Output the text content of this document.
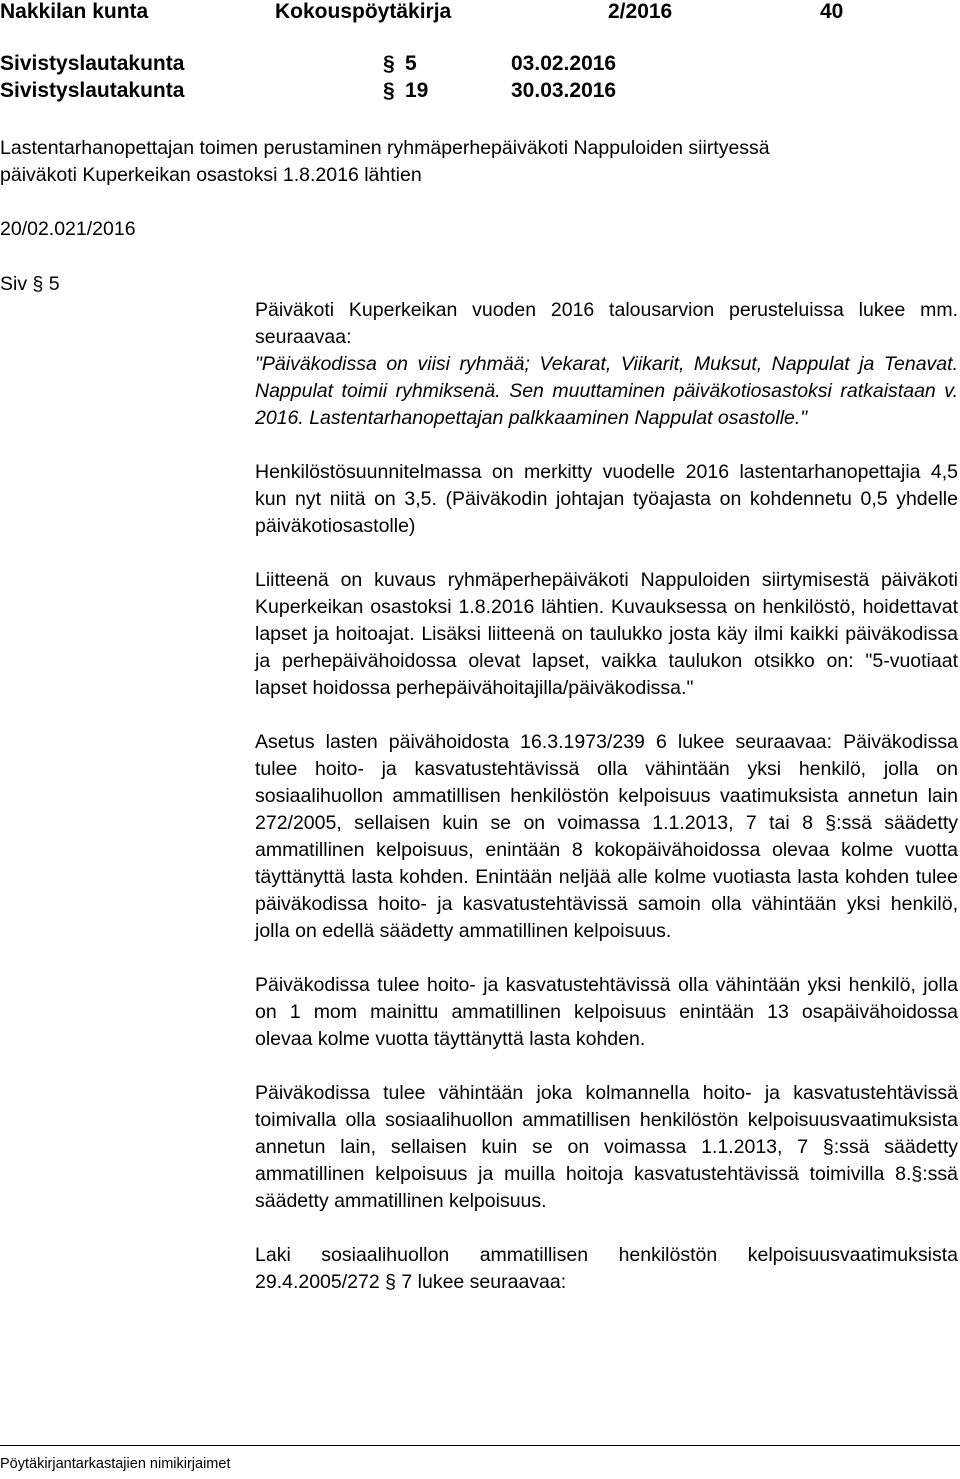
Nakkilan kunta	Kokouspöytäkirja	2/2016	40
Sivistyslautakunta	§ 5	03.02.2016
Sivistyslautakunta	§ 19	30.03.2016
Lastentarhanopettajan toimen perustaminen ryhmäperhepäiväkoti Nappuloiden siirtyessä
päiväkoti Kuperkeikan osastoksi 1.8.2016 lähtien
20/02.021/2016
Siv § 5

Päiväkoti Kuperkeikan vuoden 2016 talousarvion perusteluissa lukee mm. seuraavaa:

"Päiväkodissa on viisi ryhmää; Vekarat, Viikarit, Muksut, Nappulat ja Tenavat. Nappulat toimii ryhmiksenä. Sen muuttaminen päiväkotiosastoksi ratkaistaan v. 2016. Lastentarhanopettajan palkkaaminen Nappulat osastolle."

Henkilöstösuunnitelmassa on merkitty vuodelle 2016 lastentarhanopettajia 4,5 kun nyt niitä on 3,5. (Päiväkodin johtajan työajasta on kohdennetu 0,5 yhdelle päiväkotiosastolle)

Liitteenä on kuvaus ryhmäperhepäiväkoti Nappuloiden siirtymisestä päiväkoti Kuperkeikan osastoksi 1.8.2016 lähtien. Kuvauksessa on henkilöstö, hoidettavat lapset ja hoitoajat. Lisäksi liitteenä on taulukko josta käy ilmi kaikki päiväkodissa ja perhepäivähoidossa olevat lapset, vaikka taulukon otsikko on: "5-vuotiaat lapset hoidossa perhepäivähoitajilla/päiväkodissa."

Asetus lasten päivähoidosta 16.3.1973/239 6 lukee seuraavaa: Päiväkodissa tulee hoito- ja kasvatustehtävissä olla vähintään yksi henkilö, jolla on sosiaalihuollon ammatillisen henkilöstön kelpoisuus vaatimuksista annetun lain 272/2005, sellaisen kuin se on voimassa 1.1.2013, 7 tai 8 §:ssä säädetty ammatillinen kelpoisuus, enintään 8 kokopäivähoidossa olevaa kolme vuotta täyttänyttä lasta kohden. Enintään neljää alle kolme vuotiasta lasta kohden tulee päiväkodissa hoito- ja kasvatustehtävissä samoin olla vähintään yksi henkilö, jolla on edellä säädetty ammatillinen kelpoisuus.

Päiväkodissa tulee hoito- ja kasvatustehtävissä olla vähintään yksi henkilö, jolla on 1 mom mainittu ammatillinen kelpoisuus enintään 13 osapäivähoidossa olevaa kolme vuotta täyttänyttä lasta kohden.

Päiväkodissa tulee vähintään joka kolmannella hoito- ja kasvatustehtävissä toimivalla olla sosiaalihuollon ammatillisen henkilöstön kelpoisuusvaatimuksista annetun lain, sellaisen kuin se on voimassa 1.1.2013, 7 §:ssä säädetty ammatillinen kelpoisuus ja muilla hoitoja kasvatustehtävissä toimivilla 8.§:ssä säädetty ammatillinen kelpoisuus.

Laki sosiaalihuollon ammatillisen henkilöstön kelpoisuusvaatimuksista 29.4.2005/272 § 7 lukee seuraavaa:

Pöytäkirjantarkastajien nimikirjaimet
